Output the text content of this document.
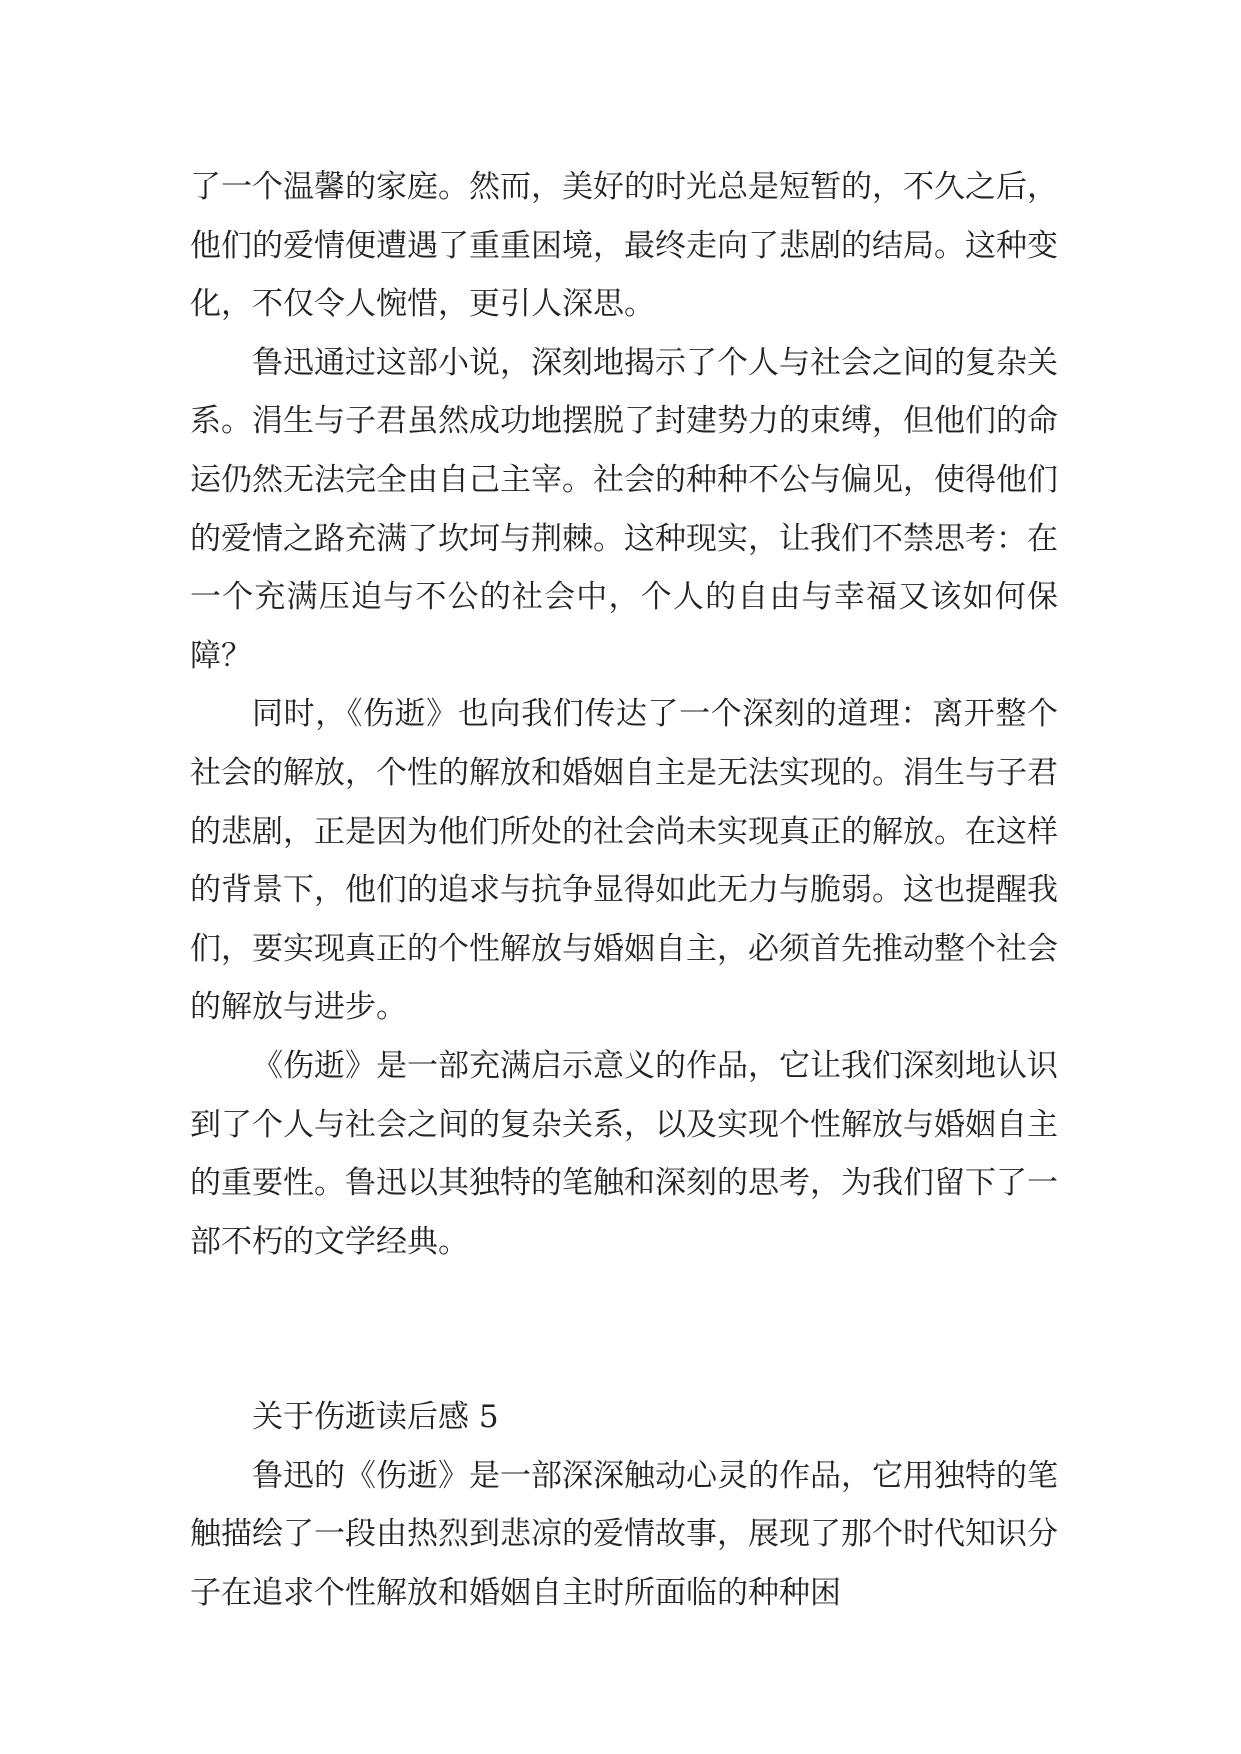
了一个温馨的家庭。然而，美好的时光总是短暂的，不久之后，他们的爱情便遭遇了重重困境，最终走向了悲剧的结局。这种变化，不仅令人惋惜，更引人深思。

鲁迅通过这部小说，深刻地揭示了个人与社会之间的复杂关系。涓生与子君虽然成功地摆脱了封建势力的束缚，但他们的命运仍然无法完全由自己主宰。社会的种种不公与偏见，使得他们的爱情之路充满了坎坷与荆棘。这种现实，让我们不禁思考：在一个充满压迫与不公的社会中，个人的自由与幸福又该如何保障？

同时，《伤逝》也向我们传达了一个深刻的道理：离开整个社会的解放，个性的解放和婚姻自主是无法实现的。涓生与子君的悲剧，正是因为他们所处的社会尚未实现真正的解放。在这样的背景下，他们的追求与抗争显得如此无力与脆弱。这也提醒我们，要实现真正的个性解放与婚姻自主，必须首先推动整个社会的解放与进步。

《伤逝》是一部充满启示意义的作品，它让我们深刻地认识到了个人与社会之间的复杂关系，以及实现个性解放与婚姻自主的重要性。鲁迅以其独特的笔触和深刻的思考，为我们留下了一部不朽的文学经典。

关于伤逝读后感 5

鲁迅的《伤逝》是一部深深触动心灵的作品，它用独特的笔触描绘了一段由热烈到悲凉的爱情故事，展现了那个时代知识分子在追求个性解放和婚姻自主时所面临的种种困
